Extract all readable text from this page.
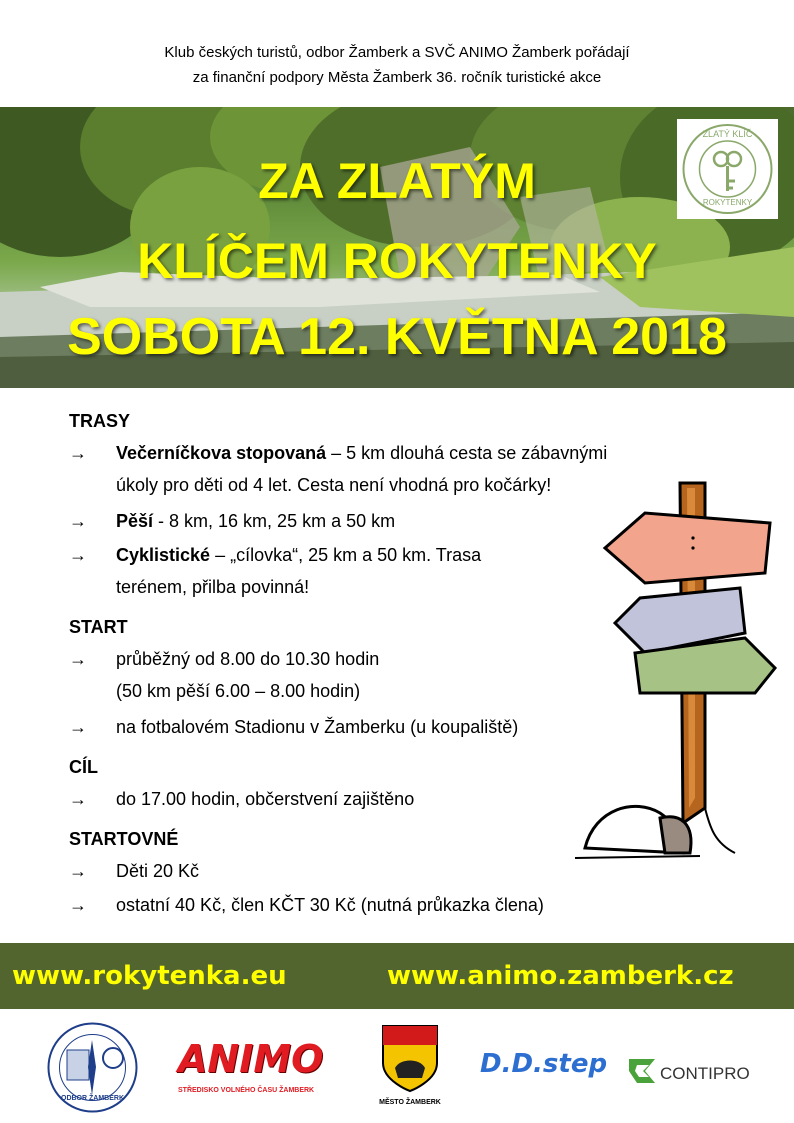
Klub českých turistů, odbor Žamberk a SVČ ANIMO Žamberk pořádají
za finanční podpory Města Žamberk 36. ročník turistické akce
ZA ZLATÝM
KLÍČEM ROKYTENKY
SOBOTA 12. KVĚTNA 2018
ZLATÝ KLÍČ
ROKYTENKY
TRASY
→ Večerníčkova stopovaná – 5 km dlouhá cesta se zábavnými
úkoly pro děti od 4 let. Cesta není vhodná pro kočárky!
→ Pěší - 8 km, 16 km, 25 km a 50 km
→ Cyklistické – „cílovka“, 25 km a 50 km. Trasa
terénem, přilba povinná!
START
→ průběžný od 8.00 do 10.30 hodin
(50 km pěší 6.00 – 8.00 hodin)
→ na fotbalovém Stadionu v Žamberku (u koupaliště)
CÍL
→ do 17.00 hodin, občerstvení zajištěno
STARTOVNÉ
→ Děti 20 Kč
→ ostatní 40 Kč, člen KČT 30 Kč (nutná průkazka člena)
www.rokytenka.eu	www.animo.zamberk.cz
ODBOR ŽAMBERK
ANIMO
STŘEDISKO VOLNÉHO ČASU ŽAMBERK
MĚSTO ŽAMBERK
D.D.step	CONTIPRO
